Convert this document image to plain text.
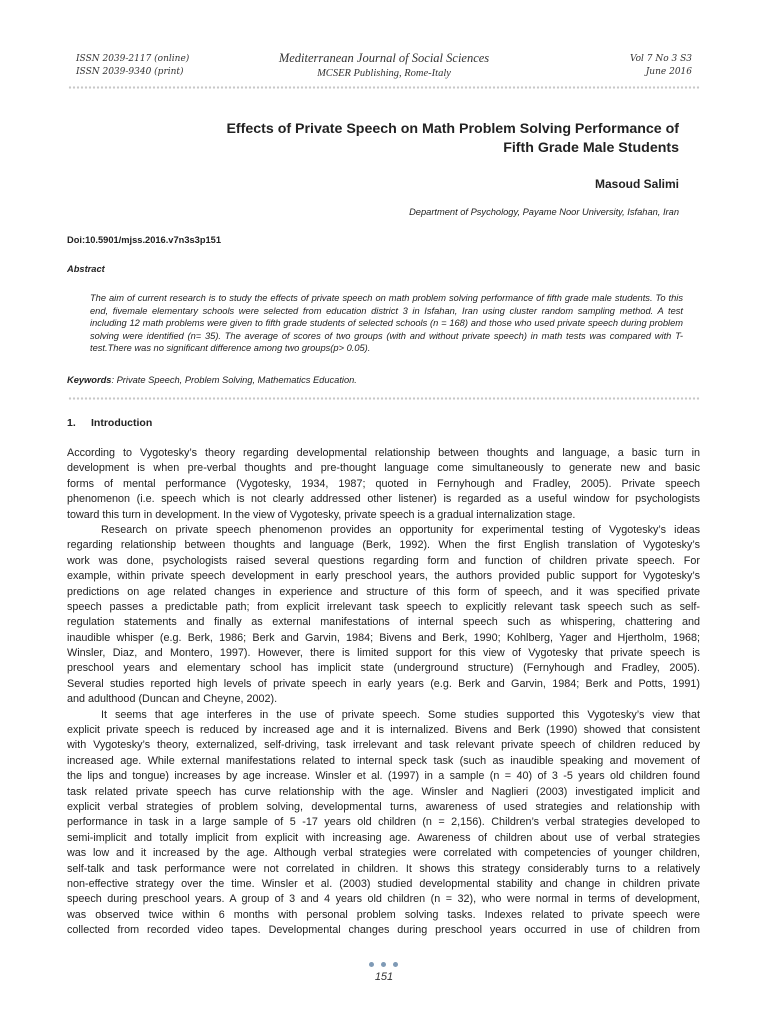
ISSN 2039-2117 (online)
ISSN 2039-9340 (print)
Mediterranean Journal of Social Sciences
MCSER Publishing, Rome-Italy
Vol 7 No 3 S3
June 2016
Effects of Private Speech on Math Problem Solving Performance of
Fifth Grade Male Students
Masoud Salimi
Department of Psychology, Payame Noor University, Isfahan, Iran
Doi:10.5901/mjss.2016.v7n3s3p151
Abstract
The aim of current research is to study the effects of private speech on math problem solving performance of fifth grade male students. To this end, fivemale elementary schools were selected from education district 3 in Isfahan, Iran using cluster random sampling method. A test including 12 math problems were given to fifth grade students of selected schools (n = 168) and those who used private speech during problem solving were identified (n= 35). The average of scores of two groups (with and without private speech) in math tests was compared with T-test.There was no significant difference among two groups(p> 0.05).
Keywords: Private Speech, Problem Solving, Mathematics Education.
1. Introduction
According to Vygotesky’s theory regarding developmental relationship between thoughts and language, a basic turn in
development is when pre-verbal thoughts and pre-thought language come simultaneously to generate new and basic
forms of mental performance (Vygotesky, 1934, 1987; quoted in Fernyhough and Fradley, 2005). Private speech
phenomenon (i.e. speech which is not clearly addressed other listener) is regarded as a useful window for psychologists
toward this turn in development. In the view of Vygotesky, private speech is a gradual internalization stage.
Research on private speech phenomenon provides an opportunity for experimental testing of Vygotesky’s ideas
regarding relationship between thoughts and language (Berk, 1992). When the first English translation of Vygotesky’s
work was done, psychologists raised several questions regarding form and function of children private speech. For
example, within private speech development in early preschool years, the authors provided public support for Vygotesky’s
predictions on age related changes in experience and structure of this form of speech, and it was specified private
speech passes a predictable path; from explicit irrelevant task speech to explicitly relevant task speech such as self-
regulation statements and finally as external manifestations of internal speech such as whispering, chattering and
inaudible whisper (e.g. Berk, 1986; Berk and Garvin, 1984; Bivens and Berk, 1990; Kohlberg, Yager and Hjertholm, 1968;
Winsler, Diaz, and Montero, 1997). However, there is limited support for this view of Vygotesky that private speech is
preschool years and elementary school has implicit state (underground structure) (Fernyhough and Fradley, 2005).
Several studies reported high levels of private speech in early years (e.g. Berk and Garvin, 1984; Berk and Potts, 1991)
and adulthood (Duncan and Cheyne, 2002).
It seems that age interferes in the use of private speech. Some studies supported this Vygotesky’s view that
explicit private speech is reduced by increased age and it is internalized. Bivens and Berk (1990) showed that consistent
with Vygotesky’s theory, externalized, self-driving, task irrelevant and task relevant private speech of children reduced by
increased age. While external manifestations related to internal speck task (such as inaudible speaking and movement of
the lips and tongue) increases by age increase. Winsler et al. (1997) in a sample (n = 40) of 3 -5 years old children found
task related private speech has curve relationship with the age. Winsler and Naglieri (2003) investigated implicit and
explicit verbal strategies of problem solving, developmental turns, awareness of used strategies and relationship with
performance in task in a large sample of 5 -17 years old children (n = 2,156). Children’s verbal strategies developed to
semi-implicit and totally implicit from explicit with increasing age. Awareness of children about use of verbal strategies
was low and it increased by the age. Although verbal strategies were correlated with competencies of younger children,
self-talk and task performance were not correlated in children. It shows this strategy considerably turns to a relatively
non-effective strategy over the time. Winsler et al. (2003) studied developmental stability and change in children private
speech during preschool years. A group of 3 and 4 years old children (n = 32), who were normal in terms of development,
was observed twice within 6 months with personal problem solving tasks. Indexes related to private speech were
collected from recorded video tapes. Developmental changes during preschool years occurred in use of children from
151
